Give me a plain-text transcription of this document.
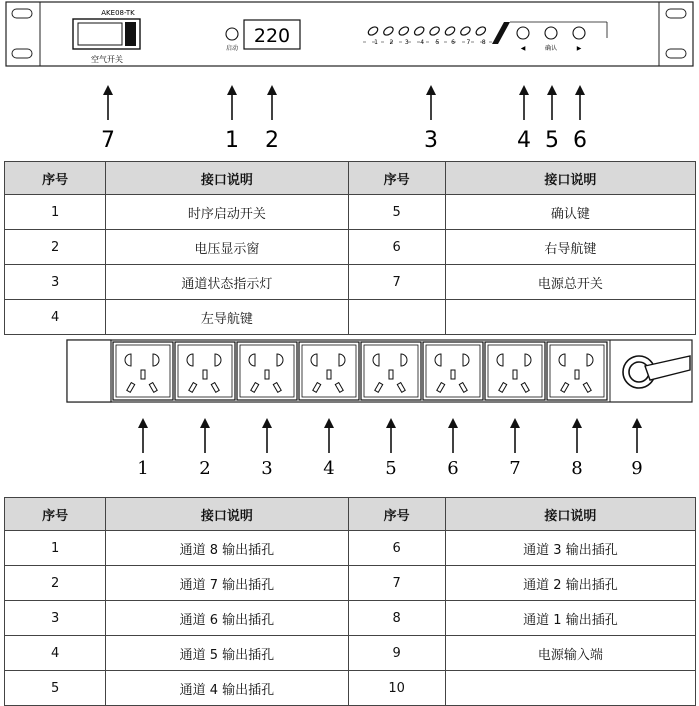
AKE08-TK
空气开关
启动
220	1 2 3 4 5 6 7 8
◀	确认	▶
7	1 2	3	4 5 6
序号	接口说明	序号	接口说明
1	时序启动开关	5	确认键
2	电压显示窗	6	右导航键
3	通道状态指示灯	7	电源总开关
4	左导航键		
1	2	3	4	5	6	7	8	9
序号	接口说明	序号	接口说明
1	通道 8 输出插孔	6	通道 3 输出插孔
2	通道 7 输出插孔	7	通道 2 输出插孔
3	通道 6 输出插孔	8	通道 1 输出插孔
4	通道 5 输出插孔	9	电源输入端
5	通道 4 输出插孔	10	
